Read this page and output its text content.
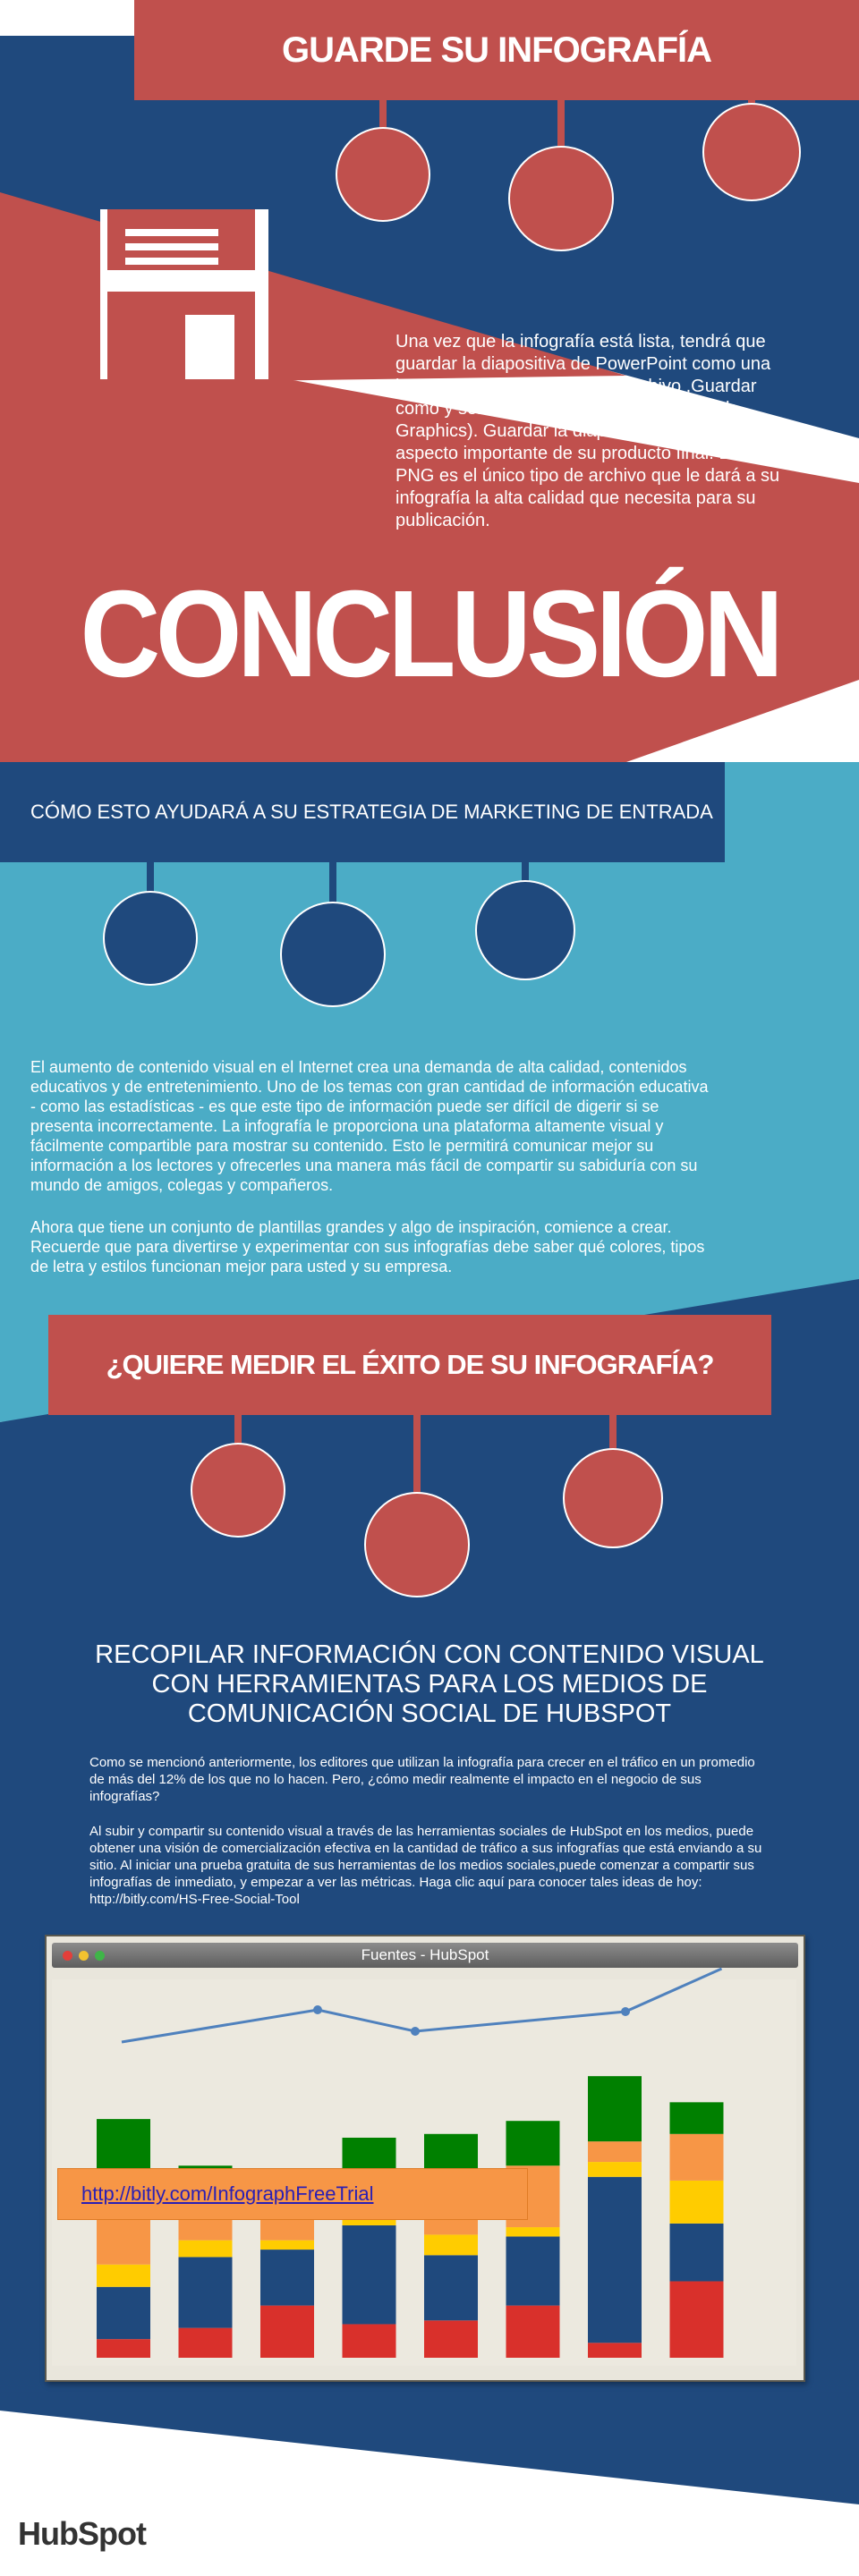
GUARDE SU INFOGRAFÍA
Una vez que la infografía está lista, tendrá que guardar la diapositiva de PowerPoint como una imagen. Sólo tienes que ir a Archivo ,Guardar como y seleccione PNG (Portable Network Graphics). Guardar la diapositiva en PNG es un aspecto importante de su producto final. El formato PNG es el único tipo de archivo que le dará a su infografía la alta calidad que necesita para su publicación.
CONCLUSIÓN
CÓMO ESTO AYUDARÁ A SU ESTRATEGIA DE MARKETING DE ENTRADA
El aumento de contenido visual en el Internet crea una demanda de alta calidad, contenidos educativos y de entretenimiento. Uno de los temas con gran cantidad de información educativa - como las estadísticas - es que este tipo de información puede ser difícil de digerir si se presenta incorrectamente. La infografía le proporciona una plataforma altamente visual y fácilmente compartible para mostrar su contenido. Esto le permitirá comunicar mejor su información a los lectores y ofrecerles una manera más fácil de compartir su sabiduría con su mundo de amigos, colegas y compañeros.
Ahora que tiene un conjunto de plantillas grandes y algo de inspiración, comience a crear. Recuerde que para divertirse y experimentar con sus infografías debe saber qué colores, tipos de letra y estilos funcionan mejor para usted y su empresa.
¿QUIERE MEDIR EL ÉXITO DE SU INFOGRAFÍA?
RECOPILAR INFORMACIÓN CON CONTENIDO VISUAL CON HERRAMIENTAS PARA LOS MEDIOS DE COMUNICACIÓN SOCIAL DE HUBSPOT
Como se mencionó anteriormente, los editores que utilizan la infografía para crecer en el tráfico en un promedio de más del 12% de los que no lo hacen. Pero, ¿cómo medir realmente el impacto en el negocio de sus infografías?
Al subir y compartir su contenido visual a través de las herramientas sociales de HubSpot en los medios, puede obtener una visión de comercialización efectiva en la cantidad de tráfico a sus infografías que está enviando a su sitio. Al iniciar una prueba gratuita de sus herramientas de los medios sociales,puede comenzar a compartir sus infografías de inmediato, y empezar a ver las métricas. Haga clic aquí para conocer tales ideas de hoy: http://bitly.com/HS-Free-Social-Tool
Fuentes - HubSpot
http://bitly.com/InfographFreeTrial
HubSpot
